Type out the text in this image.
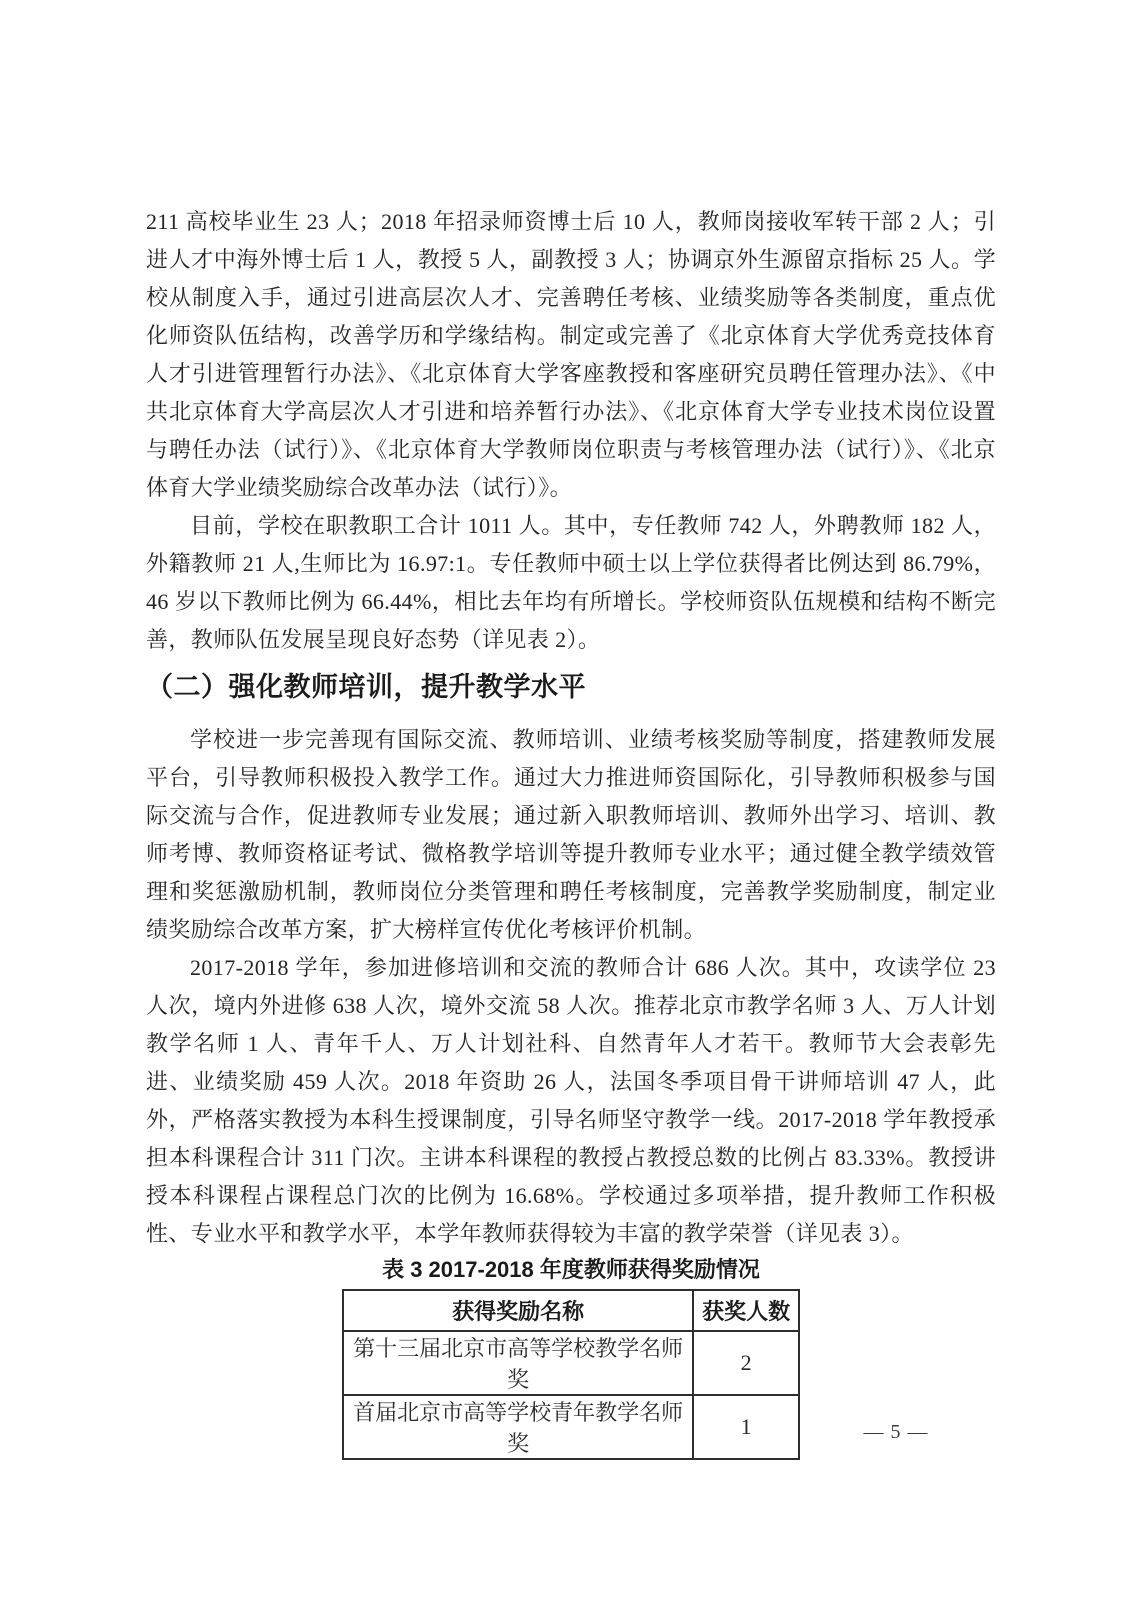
211 高校毕业生 23 人；2018 年招录师资博士后 10 人，教师岗接收军转干部 2 人；引进人才中海外博士后 1 人，教授 5 人，副教授 3 人；协调京外生源留京指标 25 人。学校从制度入手，通过引进高层次人才、完善聘任考核、业绩奖励等各类制度，重点优化师资队伍结构，改善学历和学缘结构。制定或完善了《北京体育大学优秀竞技体育人才引进管理暂行办法》、《北京体育大学客座教授和客座研究员聘任管理办法》、《中共北京体育大学高层次人才引进和培养暂行办法》、《北京体育大学专业技术岗位设置与聘任办法（试行）》、《北京体育大学教师岗位职责与考核管理办法（试行）》、《北京体育大学业绩奖励综合改革办法（试行）》。

目前，学校在职教职工合计 1011 人。其中，专任教师 742 人，外聘教师 182 人，外籍教师 21 人,生师比为 16.97:1。专任教师中硕士以上学位获得者比例达到 86.79%，46 岁以下教师比例为 66.44%，相比去年均有所增长。学校师资队伍规模和结构不断完善，教师队伍发展呈现良好态势（详见表 2）。

（二）强化教师培训，提升教学水平

学校进一步完善现有国际交流、教师培训、业绩考核奖励等制度，搭建教师发展平台，引导教师积极投入教学工作。通过大力推进师资国际化，引导教师积极参与国际交流与合作，促进教师专业发展；通过新入职教师培训、教师外出学习、培训、教师考博、教师资格证考试、微格教学培训等提升教师专业水平；通过健全教学绩效管理和奖惩激励机制，教师岗位分类管理和聘任考核制度，完善教学奖励制度，制定业绩奖励综合改革方案，扩大榜样宣传优化考核评价机制。

2017-2018 学年，参加进修培训和交流的教师合计 686 人次。其中，攻读学位 23 人次，境内外进修 638 人次，境外交流 58 人次。推荐北京市教学名师 3 人、万人计划教学名师 1 人、青年千人、万人计划社科、自然青年人才若干。教师节大会表彰先进、业绩奖励 459 人次。2018 年资助 26 人，法国冬季项目骨干讲师培训 47 人，此外，严格落实教授为本科生授课制度，引导名师坚守教学一线。2017-2018 学年教授承担本科课程合计 311 门次。主讲本科课程的教授占教授总数的比例占 83.33%。教授讲授本科课程占课程总门次的比例为 16.68%。学校通过多项举措，提升教师工作积极性、专业水平和教学水平，本学年教师获得较为丰富的教学荣誉（详见表 3）。

表 3 2017-2018 年度教师获得奖励情况
获得奖励名称	获奖人数
第十三届北京市高等学校教学名师奖	2
首届北京市高等学校青年教学名师奖	1	— 5 —
